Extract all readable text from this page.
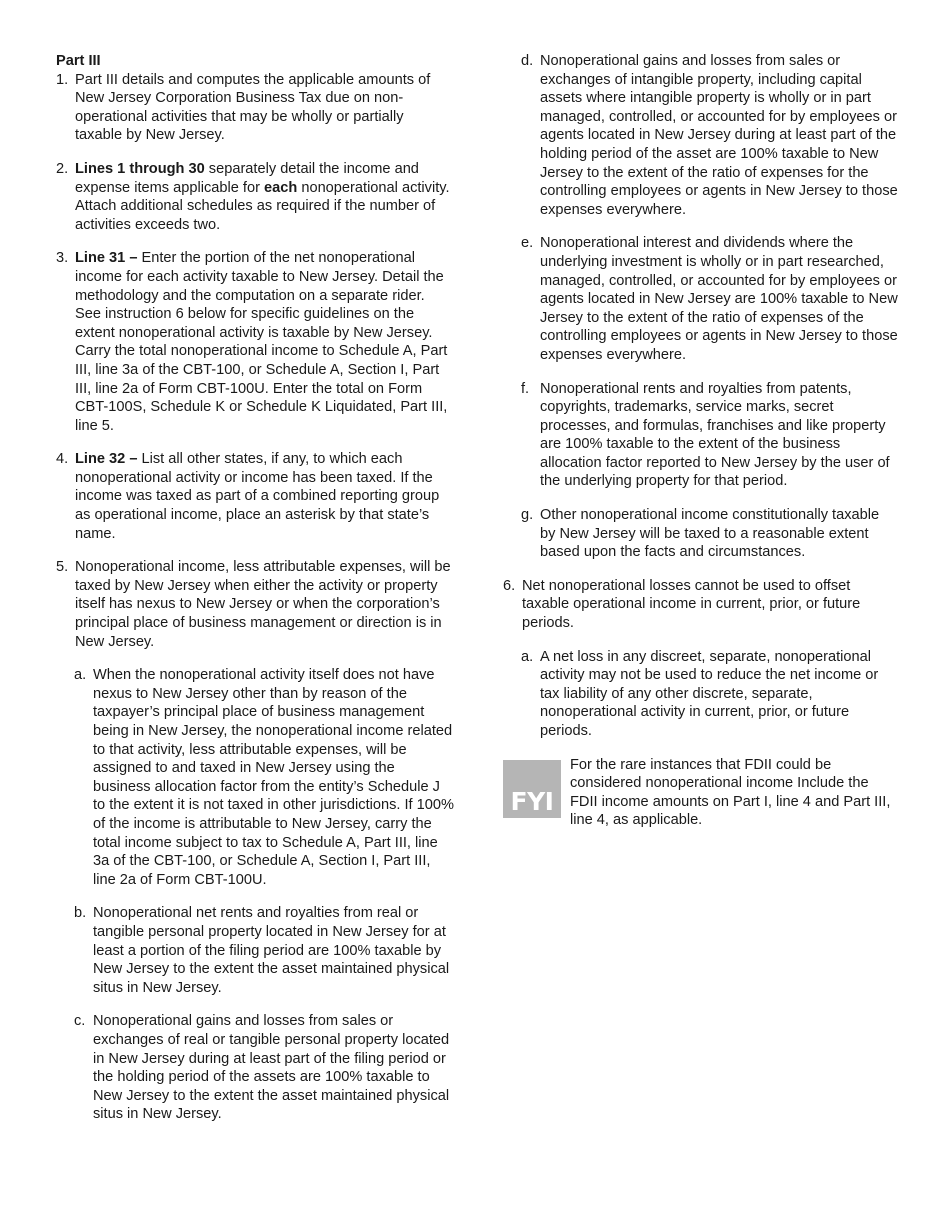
Part III

1. Part III details and computes the applicable amounts of New Jersey Corporation Business Tax due on non-operational activities that may be wholly or partially taxable by New Jersey.
2. Lines 1 through 30 separately detail the income and expense items applicable for each nonoperational activity. Attach additional schedules as required if the number of activities exceeds two.
3. Line 31 – Enter the portion of the net nonoperational income for each activity taxable to New Jersey. Detail the methodology and the computation on a separate rider. See instruction 6 below for specific guidelines on the extent nonoperational activity is taxable by New Jersey. Carry the total nonoperational income to Schedule A, Part III, line 3a of the CBT-100, or Schedule A, Section I, Part III, line 2a of Form CBT-100U. Enter the total on Form CBT-100S, Schedule K or Schedule K Liquidated, Part III, line 5.
4. Line 32 – List all other states, if any, to which each nonoperational activity or income has been taxed. If the income was taxed as part of a combined reporting group as operational income, place an asterisk by that state’s name.
5. Nonoperational income, less attributable expenses, will be taxed by New Jersey when either the activity or property itself has nexus to New Jersey or when the corporation’s principal place of business management or direction is in New Jersey.
a. When the nonoperational activity itself does not have nexus to New Jersey other than by reason of the taxpayer’s principal place of business management being in New Jersey, the nonoperational income related to that activity, less attributable expenses, will be assigned to and taxed in New Jersey using the business allocation factor from the entity’s Schedule J to the extent it is not taxed in other jurisdictions. If 100% of the income is attributable to New Jersey, carry the total income subject to tax to Schedule A, Part III, line 3a of the CBT-100, or Schedule A, Section I, Part III, line 2a of Form CBT-100U.
b. Nonoperational net rents and royalties from real or tangible personal property located in New Jersey for at least a portion of the filing period are 100% taxable by New Jersey to the extent the asset maintained physical situs in New Jersey.
c. Nonoperational gains and losses from sales or exchanges of real or tangible personal property located in New Jersey during at least part of the filing period or the holding period of the assets are 100% taxable to New Jersey to the extent the asset maintained physical situs in New Jersey.
d. Nonoperational gains and losses from sales or exchanges of intangible property, including capital assets where intangible property is wholly or in part managed, controlled, or accounted for by employees or agents located in New Jersey during at least part of the holding period of the asset are 100% taxable to New Jersey to the extent of the ratio of expenses for the controlling employees or agents in New Jersey to those expenses everywhere.
e. Nonoperational interest and dividends where the underlying investment is wholly or in part researched, managed, controlled, or accounted for by employees or agents located in New Jersey are 100% taxable to New Jersey to the extent of the ratio of expenses of the controlling employees or agents in New Jersey to those expenses everywhere.
f. Nonoperational rents and royalties from patents, copyrights, trademarks, service marks, secret processes, and formulas, franchises and like property are 100% taxable to the extent of the business allocation factor reported to New Jersey by the user of the underlying property for that period.
g. Other nonoperational income constitutionally taxable by New Jersey will be taxed to a reasonable extent based upon the facts and circumstances.
6. Net nonoperational losses cannot be used to offset taxable operational income in current, prior, or future periods.
a. A net loss in any discreet, separate, nonoperational activity may not be used to reduce the net income or tax liability of any other discrete, separate, nonoperational activity in current, prior, or future periods.
FYI
For the rare instances that FDII could be considered nonoperational income Include the FDII income amounts on Part I, line 4 and Part III, line 4, as applicable.
